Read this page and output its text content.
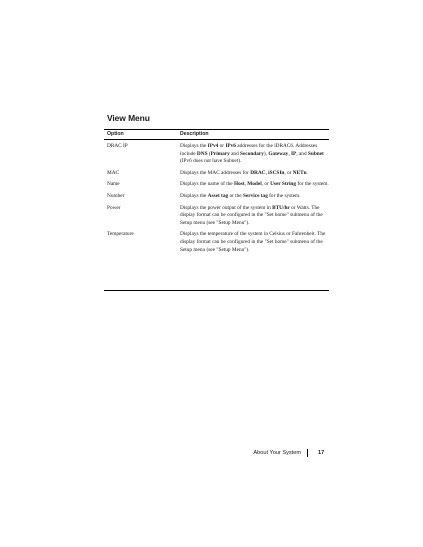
View Menu
Option	Description
DRAC IP	Displays the IPv4 or IPv6 addresses for the iDRAC6. Addresses include DNS (Primary and Secondary), Gateway, IP, and Subnet (IPv6 does not have Subnet).
MAC	Displays the MAC addresses for DRAC, iSCSIn, or NETn.
Name	Displays the name of the Host, Model, or User String for the system.
Number	Displays the Asset tag or the Service tag for the system.
Power	Displays the power output of the system in BTU/hr or Watts. The display format can be configured in the "Set home" submenu of the Setup menu (see "Setup Menu").
Temperature	Displays the temperature of the system in Celsius or Fahrenheit. The display format can be configured in the "Set home" submenu of the Setup menu (see "Setup Menu").
About Your System	17
